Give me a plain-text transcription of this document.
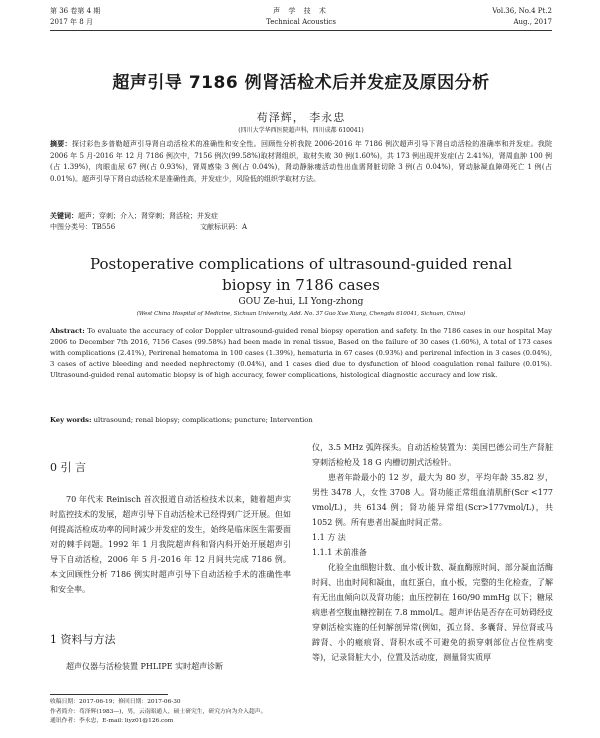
第 36 卷第 4 期
2017 年 8 月
声 学 技 术
Technical Acoustics
Vol.36, No.4 Pt.2
Aug., 2017
超声引导 7186 例肾活检术后并发症及原因分析
苟泽辉， 李永忠
(四川大学华西医院超声科，四川成都 610041)
摘要：探讨彩色多普勒超声引导肾自动活检术的准确性和安全性。回顾性分析我院 2006-2016 年 7186 例次超声引导下肾自动活检的准确率和并发症。我院 2006 年 5 月-2016 年 12 月 7186 例次中，7156 例次(99.58%)取材肾组织，取材失败 30 例(1.60%)，共 173 例出现并发症(占 2.41%)，肾周血肿 100 例(占 1.39%)，肉眼血尿 67 例(占 0.93%)，肾周感染 3 例(占 0.04%)，肾动静脉瘘活动性出血需肾脏切除 3 例(占 0.04%)，肾动脉凝血障碍死亡 1 例(占 0.01%)。超声引导下肾自动活检术是准确性高，并发症少，风险低的组织学取材方法。
关键词：超声；穿刺；介入；肾穿刺；肾活检；并发症
中图分类号：TB556	文献标识码：A
Postoperative complications of ultrasound-guided renal
biopsy in 7186 cases
GOU Ze-hui, LI Yong-zhong
(West China Hospital of Medicine, Sichuan University, Add. No. 37 Guo Xue Xiang, Chengdu 610041, Sichuan, China)
Abstract: To evaluate the accuracy of color Doppler ultrasound-guided renal biopsy operation and safety. In the 7186 cases in our hospital May 2006 to December 7th 2016, 7156 Cases (99.58%) had been made in renal tissue, Based on the failure of 30 cases (1.60%), A total of 173 cases with complications (2.41%), Perirenal hematoma in 100 cases (1.39%), hematuria in 67 cases (0.93%) and perirenal infection in 3 cases (0.04%), 3 cases of active bleeding and needed nephrectomy (0.04%), and 1 cases died due to dysfunction of blood coagulation renal failure (0.01%). Ultrasound-guided renal automatic biopsy is of high accuracy, fewer complications, histological diagnostic accuracy and low risk.
Key words: ultrasound; renal biopsy; complications; puncture; Intervention
0 引 言

70 年代末 Reinisch 首次报道自动活检技术以来，随着超声实时监控技术的发展，超声引导下自动活检术已经得到广泛开展。但如何提高活检成功率的同时减少并发症的发生，始终是临床医生需要面对的棘手问题。1992 年 1 月我院超声科和肾内科开始开展超声引导下自动活检，2006 年 5 月-2016 年 12 月间共完成 7186 例。本文回顾性分析 7186 例实时超声引导下自动活检手术的准确性率和安全率。

1 资料与方法

超声仪器与活检装置 PHLIPE 实时超声诊断

仪，3.5 MHz 弧阵探头。自动活检装置为：美国巴德公司生产肾脏穿刺活检枪及 18 G 内槽切割式活检针。

患者年龄最小的 12 岁，最大为 80 岁，平均年龄 35.82 岁，男性 3478 人，女性 3708 人。肾功能正常组血清肌酐(Scr <177 vmol/L)，共 6134 例；肾功能异常组(Scr>177vmol/L)，共 1052 例。所有患者出凝血时间正常。

1.1 方 法
1.1.1 术前准备

化验全血细胞计数、血小板计数、凝血酶原时间、部分凝血活酶时间、出血时间和凝血，血红蛋白，血小板，完整的生化检查，了解有无出血倾向以及肾功能；血压控制在 160/90 mmHg 以下；糖尿病患者空腹血糖控制在 7.8 mmol/L。超声评估是否存在可妨碍经皮穿刺活检实施的任何解剖异常(例如，孤立肾、多囊肾、异位肾或马蹄肾、小的瘢痕肾、肾积水或不可避免的损穿刺部位占位性病变等)，记录肾脏大小，位置及活动度，测量肾实质厚

收稿日期：2017-06-19；修回日期：2017-06-30
作者简介：苟泽辉(1983—)，男，云南昭通人，硕士研究生，研究方向为介入超声。
通讯作者：李永忠，E-mail: liyz01@126.com
